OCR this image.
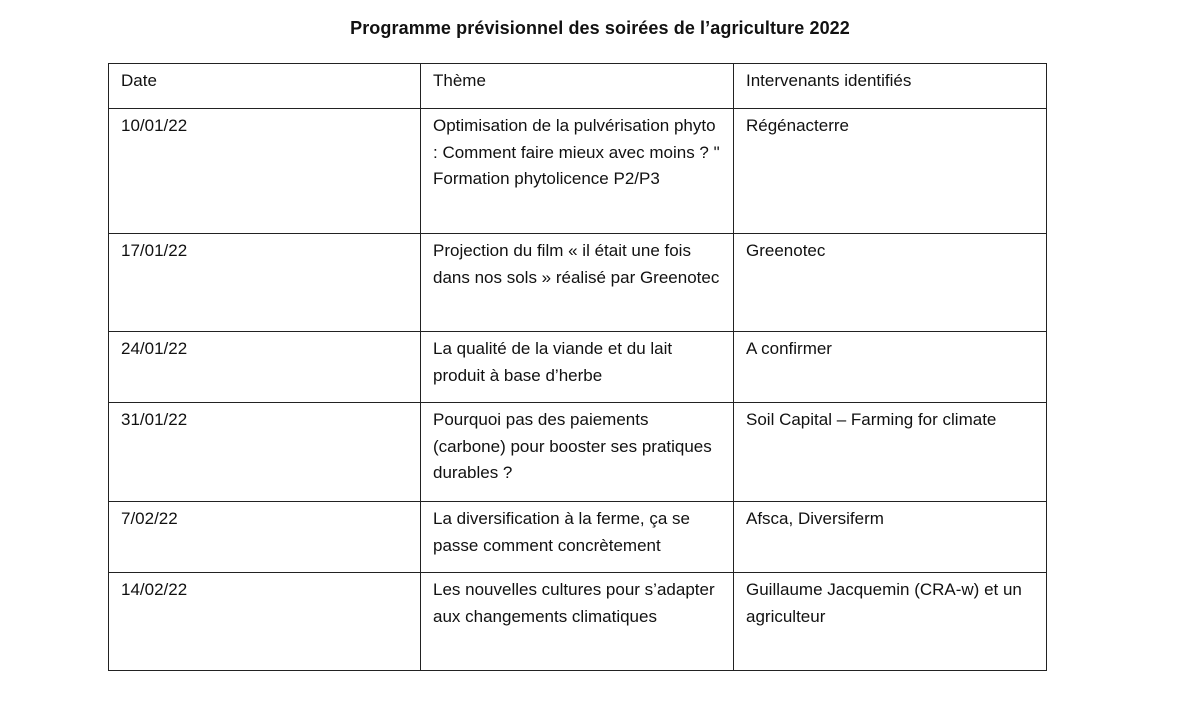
Programme prévisionnel des soirées de l’agriculture 2022
Date	Thème	Intervenants identifiés
10/01/22	Optimisation de la pulvérisation phyto : Comment faire mieux avec moins ? " Formation phytolicence P2/P3	Régénacterre
17/01/22	Projection du film « il était une fois dans nos sols » réalisé par Greenotec	Greenotec
24/01/22	La qualité de la viande et du lait produit à base d’herbe	A confirmer
31/01/22	Pourquoi pas des paiements (carbone) pour booster ses pratiques durables ?	Soil Capital – Farming for climate
7/02/22	La diversification à la ferme, ça se passe comment concrètement	Afsca, Diversiferm
14/02/22	Les nouvelles cultures pour s’adapter aux changements climatiques	Guillaume Jacquemin (CRA-w) et un agriculteur
